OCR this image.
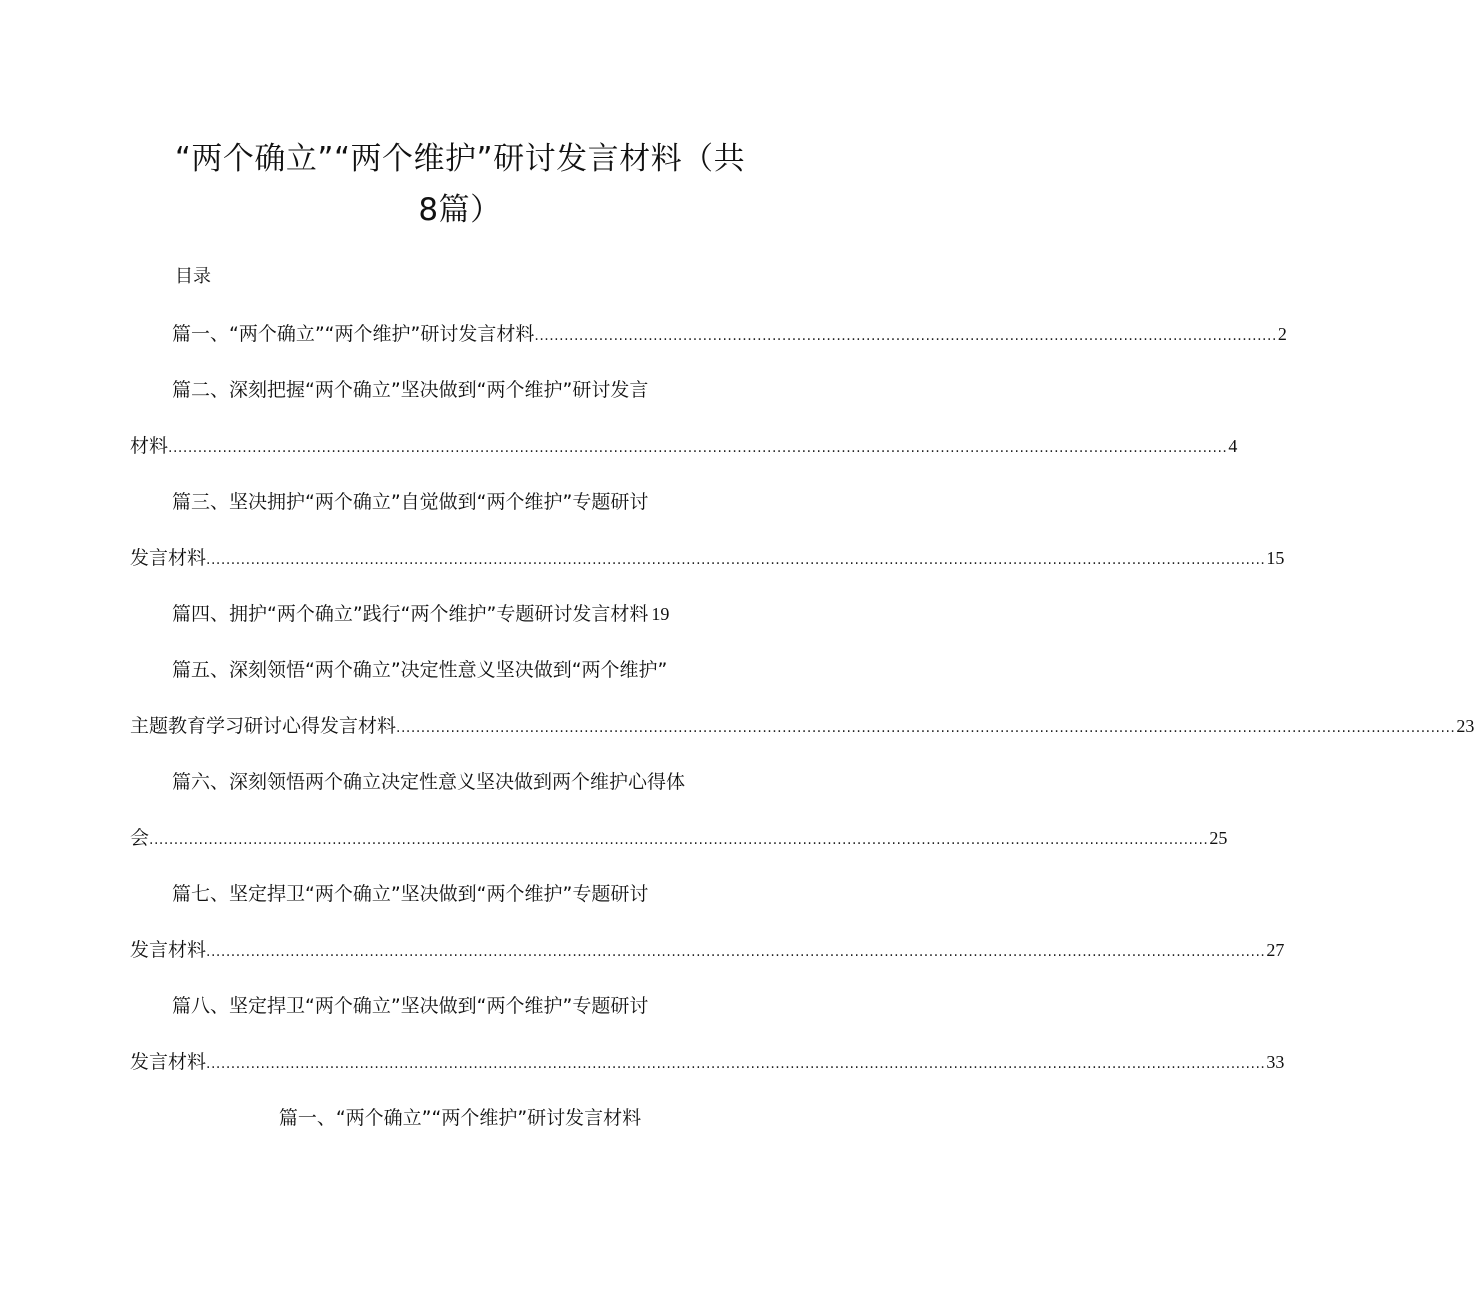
“两个确立”“两个维护”研讨发言材料（共
8篇）
目录
篇一、“两个确立”“两个维护”研讨发言材料 ...................................................................................................................................................... 2
篇二、深刻把握“两个确立”坚决做到“两个维护”研讨发言
材料 ...................................................................................................................................................................................................................... 4
篇三、坚决拥护“两个确立”自觉做到“两个维护”专题研讨
发言材料 ...................................................................................................................................................................................................................... 15
篇四、拥护“两个确立”践行“两个维护”专题研讨发言材料 19
篇五、深刻领悟“两个确立”决定性意义坚决做到“两个维护”
主题教育学习研讨心得发言材料 ...................................................................................................................................................................................................................... 23
篇六、深刻领悟两个确立决定性意义坚决做到两个维护心得体
会 ...................................................................................................................................................................................................................... 25
篇七、坚定捍卫“两个确立”坚决做到“两个维护”专题研讨
发言材料 ...................................................................................................................................................................................................................... 27
篇八、坚定捍卫“两个确立”坚决做到“两个维护”专题研讨
发言材料 ...................................................................................................................................................................................................................... 33
篇一、“两个确立”“两个维护”研讨发言材料
